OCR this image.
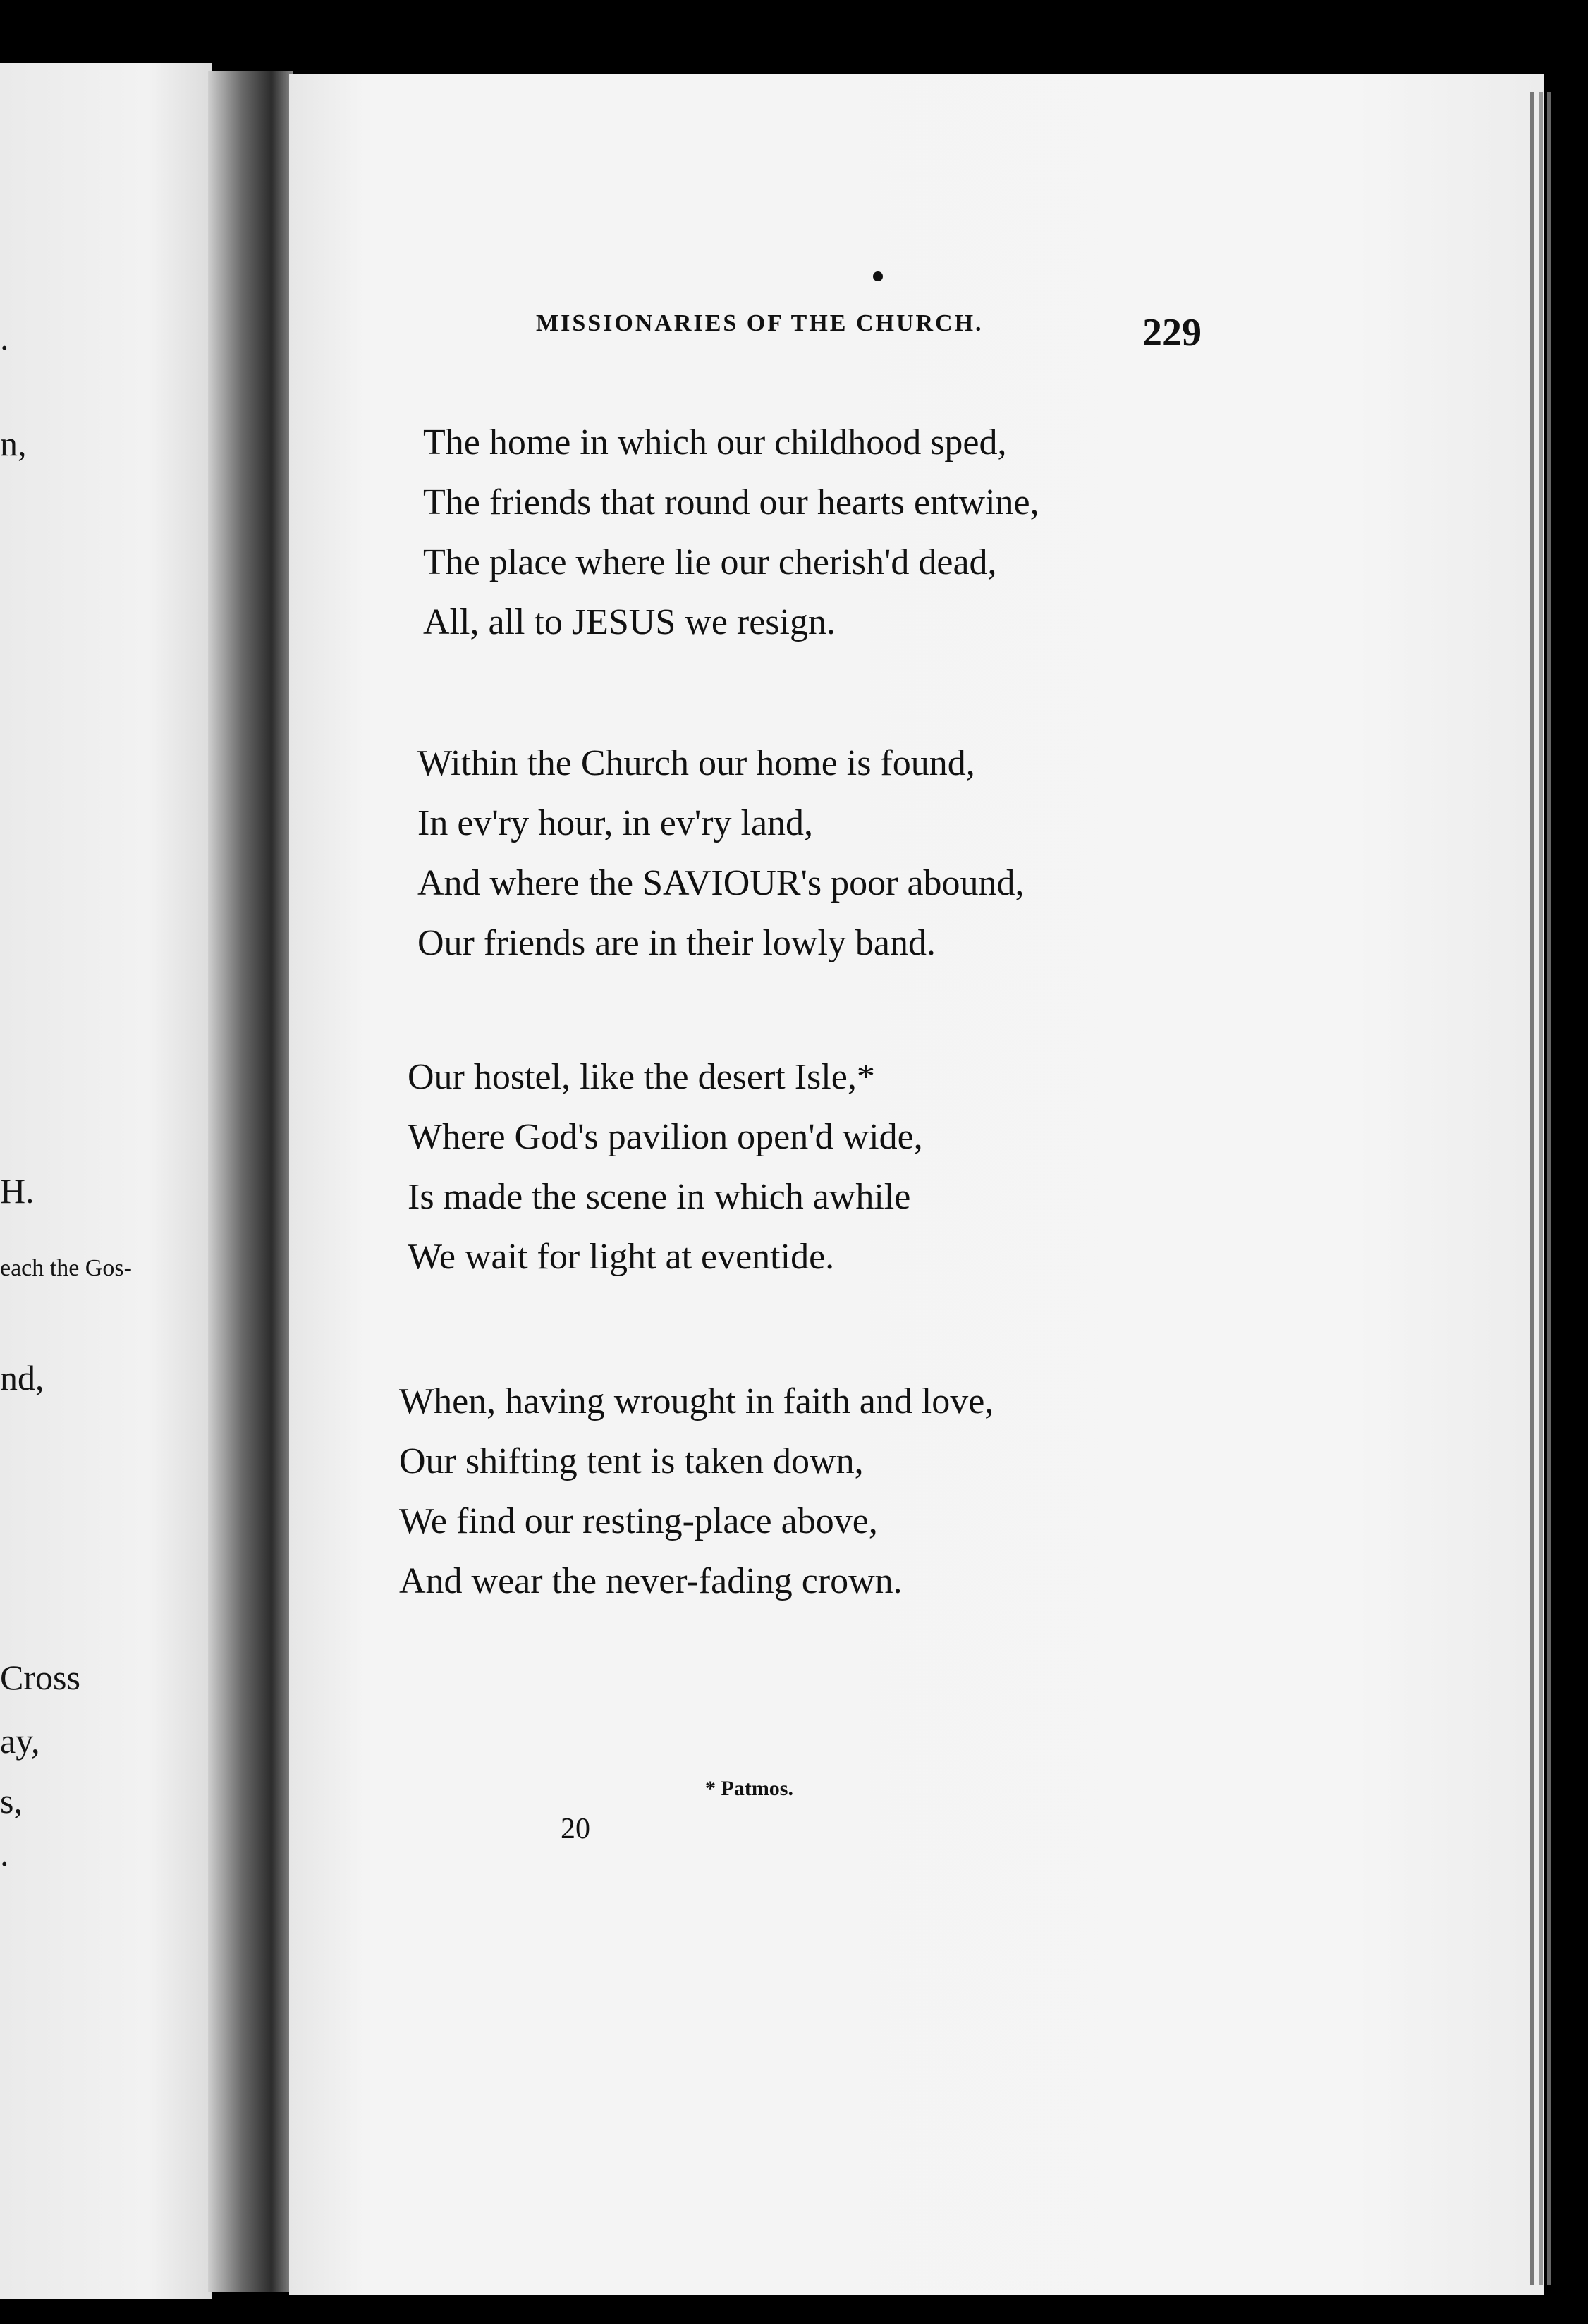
.
n,
H.
each the Gos-
nd,
Cross
ay,
s,
.
MISSIONARIES OF THE CHURCH.	229
The home in which our childhood sped,
The friends that round our hearts entwine,
The place where lie our cherish'd dead,
All, all to JESUS we resign.
Within the Church our home is found,
In ev'ry hour, in ev'ry land,
And where the SAVIOUR's poor abound,
Our friends are in their lowly band.
Our hostel, like the desert Isle,*
Where God's pavilion open'd wide,
Is made the scene in which awhile
We wait for light at eventide.
When, having wrought in faith and love,
Our shifting tent is taken down,
We find our resting-place above,
And wear the never-fading crown.
* Patmos.
20
